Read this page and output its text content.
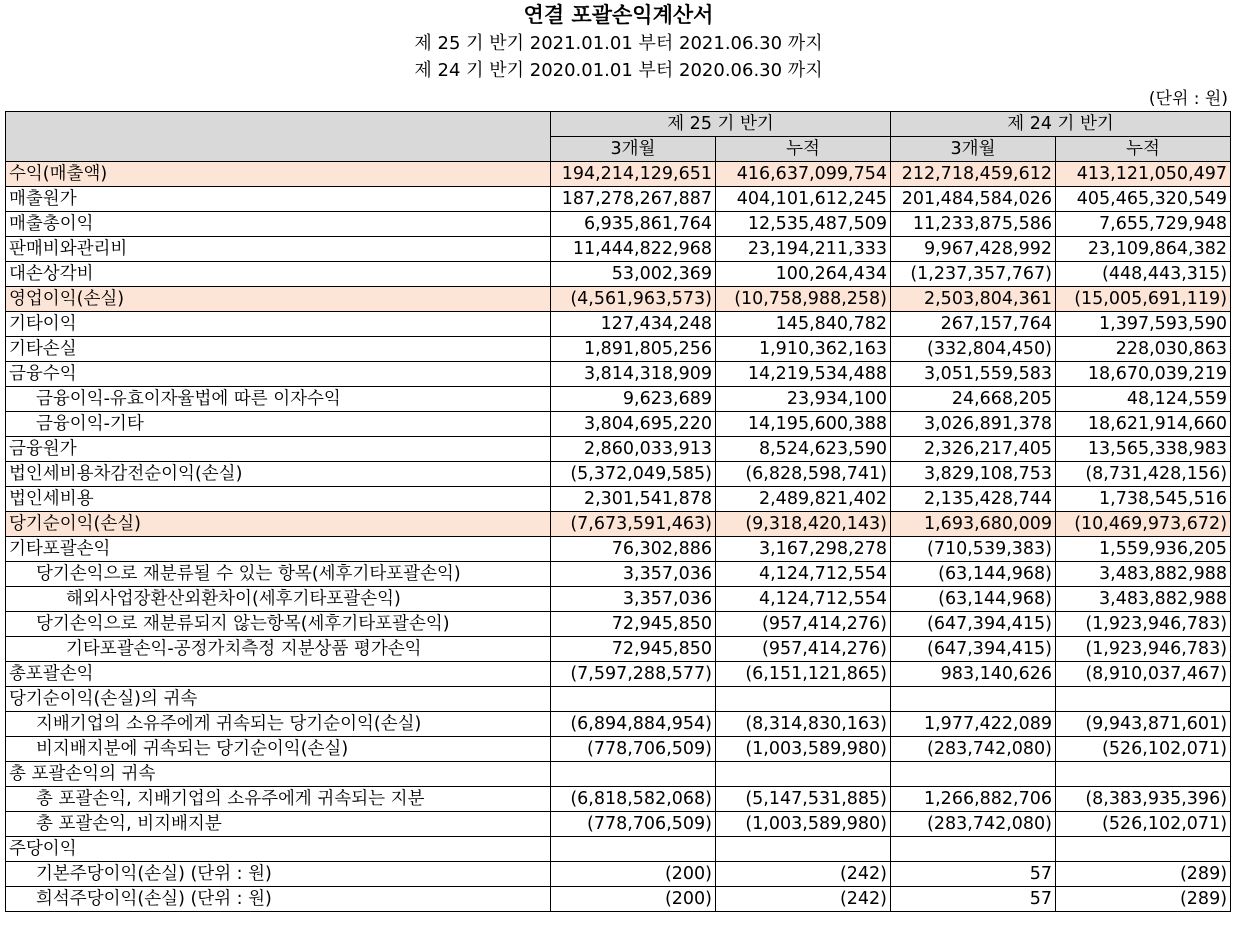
연결 포괄손익계산서
제 25 기 반기 2021.01.01 부터 2021.06.30 까지
제 24 기 반기 2020.01.01 부터 2020.06.30 까지
(단위 : 원)
	제 25 기 반기		제 24 기 반기	
	3개월	누적	3개월	누적
수익(매출액)	194,214,129,651	416,637,099,754	212,718,459,612	413,121,050,497
매출원가	187,278,267,887	404,101,612,245	201,484,584,026	405,465,320,549
매출총이익	6,935,861,764	12,535,487,509	11,233,875,586	7,655,729,948
판매비와관리비	11,444,822,968	23,194,211,333	9,967,428,992	23,109,864,382
대손상각비	53,002,369	100,264,434	(1,237,357,767)	(448,443,315)
영업이익(손실)	(4,561,963,573)	(10,758,988,258)	2,503,804,361	(15,005,691,119)
기타이익	127,434,248	145,840,782	267,157,764	1,397,593,590
기타손실	1,891,805,256	1,910,362,163	(332,804,450)	228,030,863
금융수익	3,814,318,909	14,219,534,488	3,051,559,583	18,670,039,219
금융이익-유효이자율법에 따른 이자수익	9,623,689	23,934,100	24,668,205	48,124,559
금융이익-기타	3,804,695,220	14,195,600,388	3,026,891,378	18,621,914,660
금융원가	2,860,033,913	8,524,623,590	2,326,217,405	13,565,338,983
법인세비용차감전순이익(손실)	(5,372,049,585)	(6,828,598,741)	3,829,108,753	(8,731,428,156)
법인세비용	2,301,541,878	2,489,821,402	2,135,428,744	1,738,545,516
당기순이익(손실)	(7,673,591,463)	(9,318,420,143)	1,693,680,009	(10,469,973,672)
기타포괄손익	76,302,886	3,167,298,278	(710,539,383)	1,559,936,205
당기손익으로 재분류될 수 있는 항목(세후기타포괄손익)	3,357,036	4,124,712,554	(63,144,968)	3,483,882,988
해외사업장환산외환차이(세후기타포괄손익)	3,357,036	4,124,712,554	(63,144,968)	3,483,882,988
당기손익으로 재분류되지 않는항목(세후기타포괄손익)	72,945,850	(957,414,276)	(647,394,415)	(1,923,946,783)
기타포괄손익-공정가치측정 지분상품 평가손익	72,945,850	(957,414,276)	(647,394,415)	(1,923,946,783)
총포괄손익	(7,597,288,577)	(6,151,121,865)	983,140,626	(8,910,037,467)
당기순이익(손실)의 귀속				
지배기업의 소유주에게 귀속되는 당기순이익(손실)	(6,894,884,954)	(8,314,830,163)	1,977,422,089	(9,943,871,601)
비지배지분에 귀속되는 당기순이익(손실)	(778,706,509)	(1,003,589,980)	(283,742,080)	(526,102,071)
총 포괄손익의 귀속				
총 포괄손익, 지배기업의 소유주에게 귀속되는 지분	(6,818,582,068)	(5,147,531,885)	1,266,882,706	(8,383,935,396)
총 포괄손익, 비지배지분	(778,706,509)	(1,003,589,980)	(283,742,080)	(526,102,071)
주당이익				
기본주당이익(손실) (단위 : 원)	(200)	(242)	57	(289)
희석주당이익(손실) (단위 : 원)	(200)	(242)	57	(289)
